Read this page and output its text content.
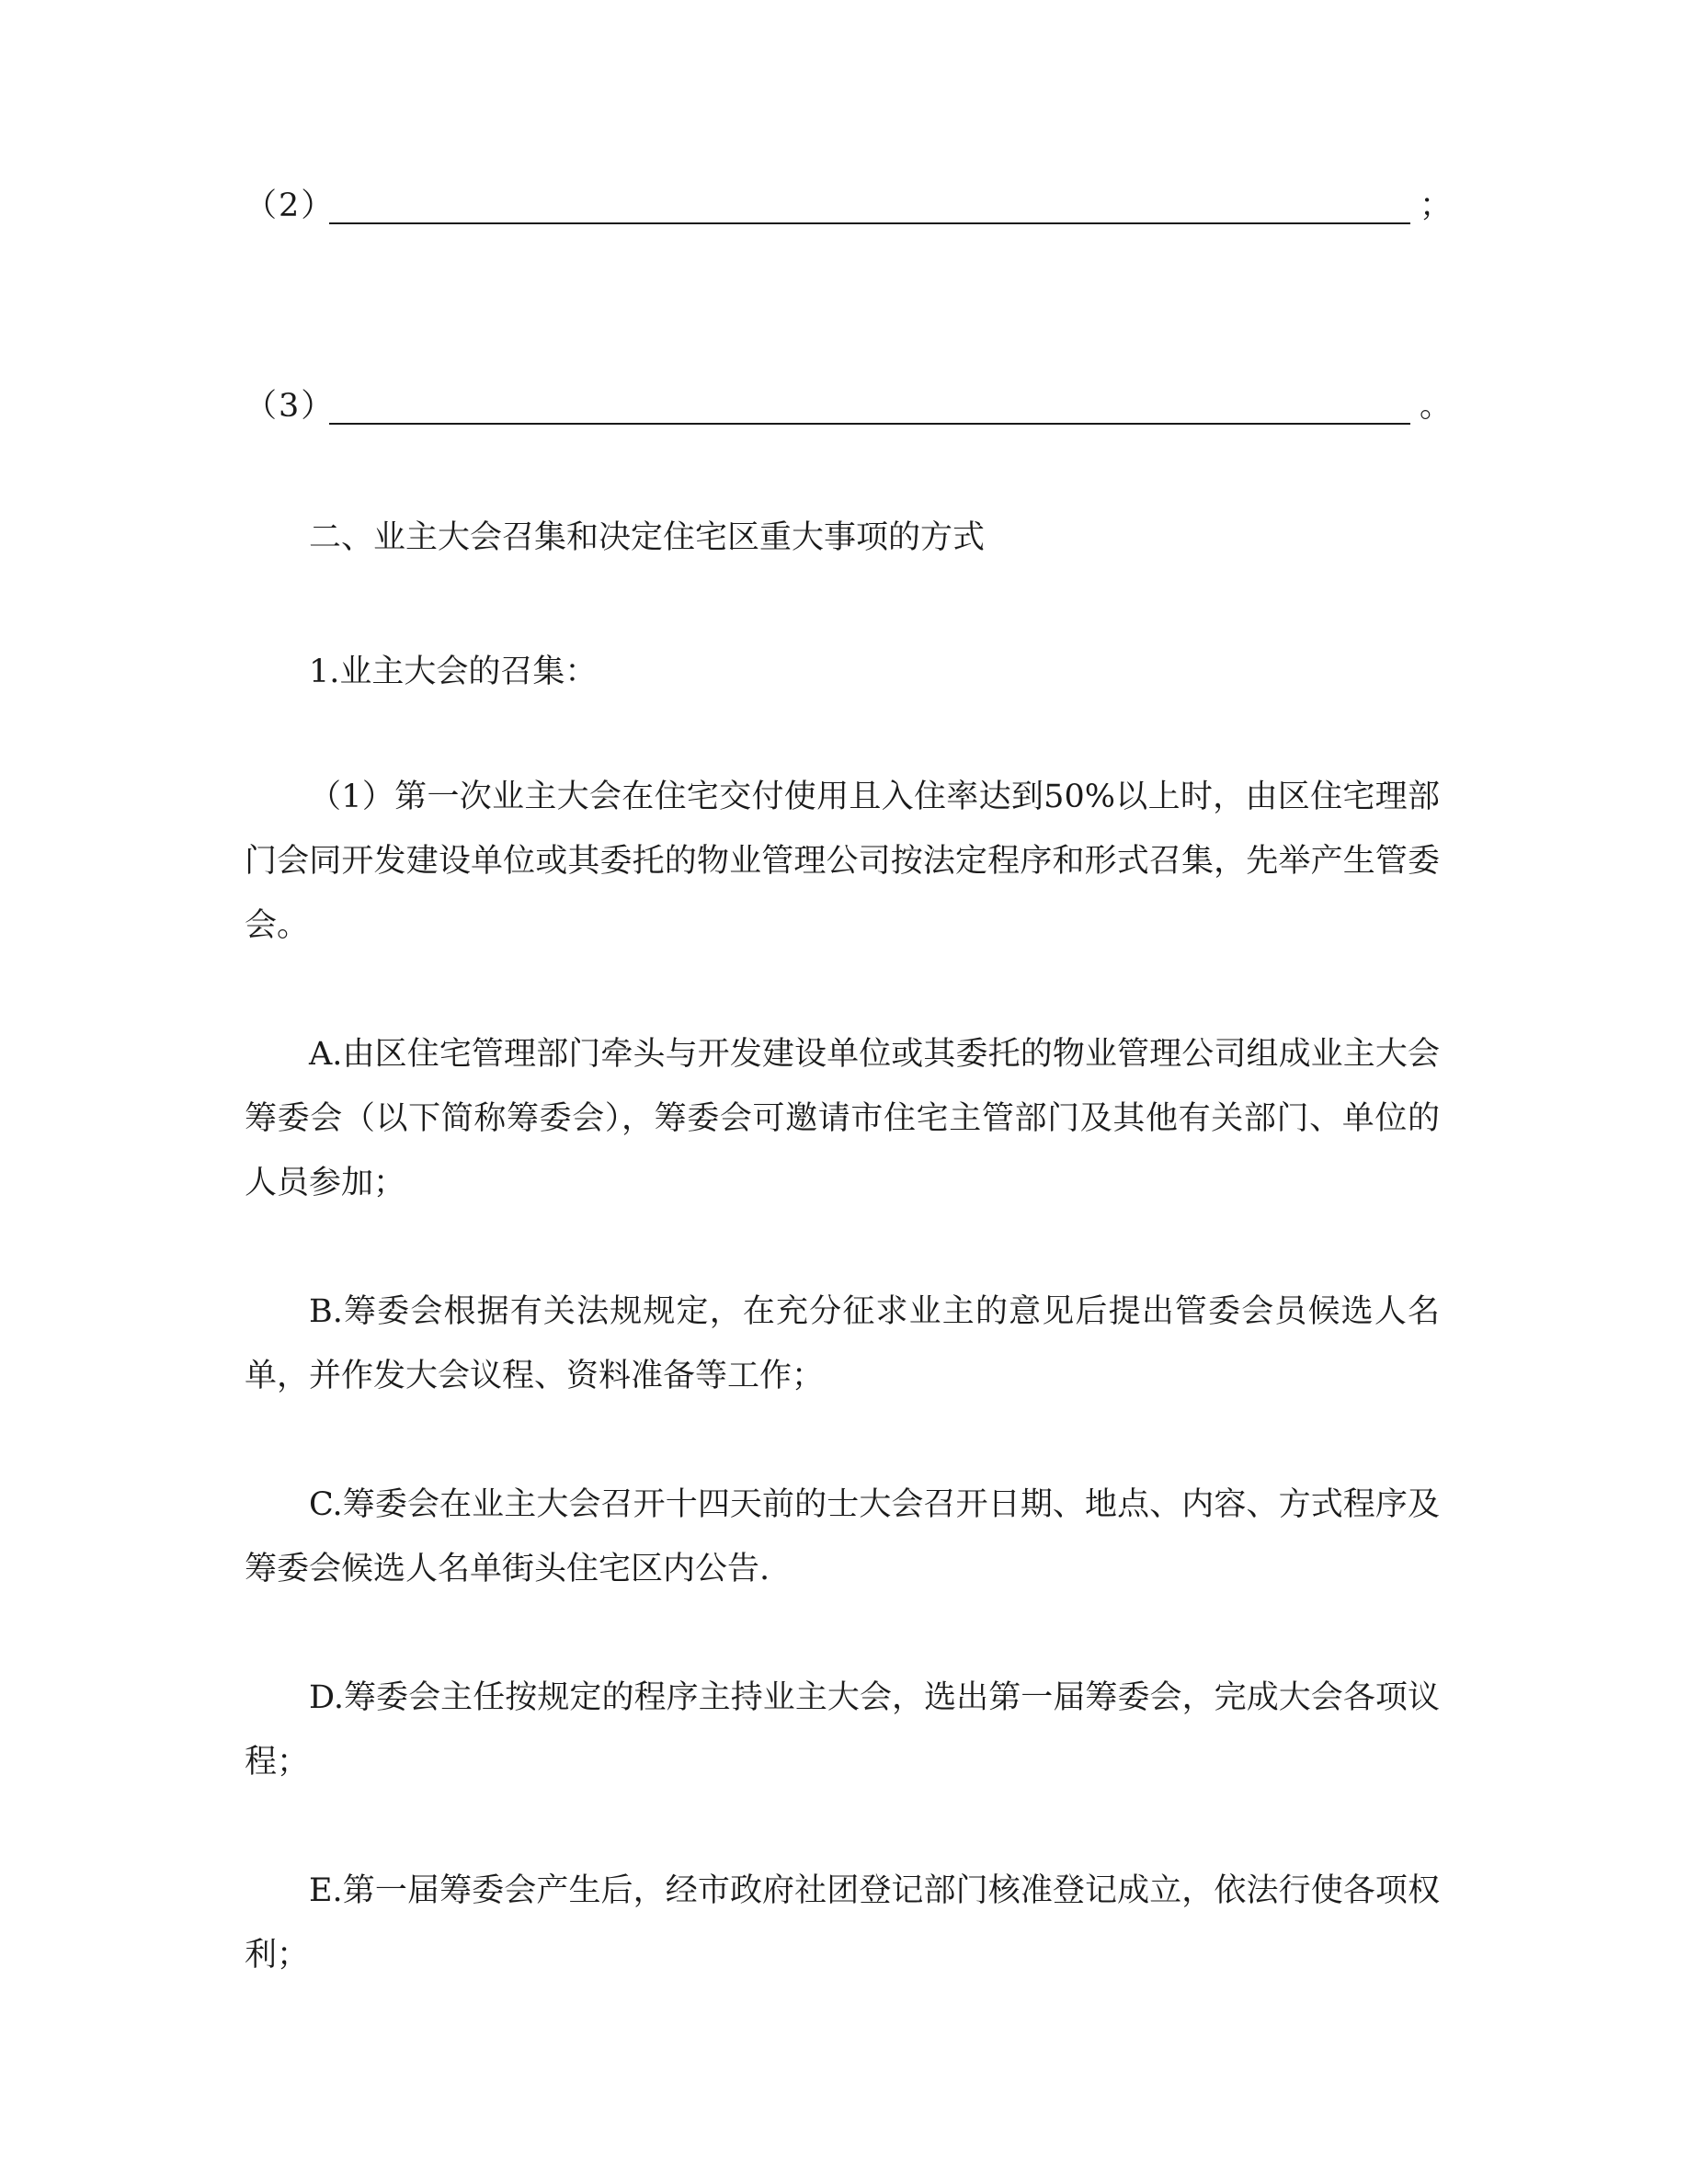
（2）	；
（3）	。

二、业主大会召集和决定住宅区重大事项的方式

1.业主大会的召集：

（1）第一次业主大会在住宅交付使用且入住率达到50%以上时，由区住宅理部门会同开发建设单位或其委托的物业管理公司按法定程序和形式召集，先举产生管委会。

A.由区住宅管理部门牵头与开发建设单位或其委托的物业管理公司组成业主大会筹委会（以下简称筹委会），筹委会可邀请市住宅主管部门及其他有关部门、单位的人员参加；

B.筹委会根据有关法规规定，在充分征求业主的意见后提出管委会员候选人名单，并作发大会议程、资料准备等工作；

C.筹委会在业主大会召开十四天前的士大会召开日期、地点、内容、方式程序及筹委会候选人名单街头住宅区内公告.

D.筹委会主任按规定的程序主持业主大会，选出第一届筹委会，完成大会各项议程；

E.第一届筹委会产生后，经市政府社团登记部门核准登记成立，依法行使各项权利；
